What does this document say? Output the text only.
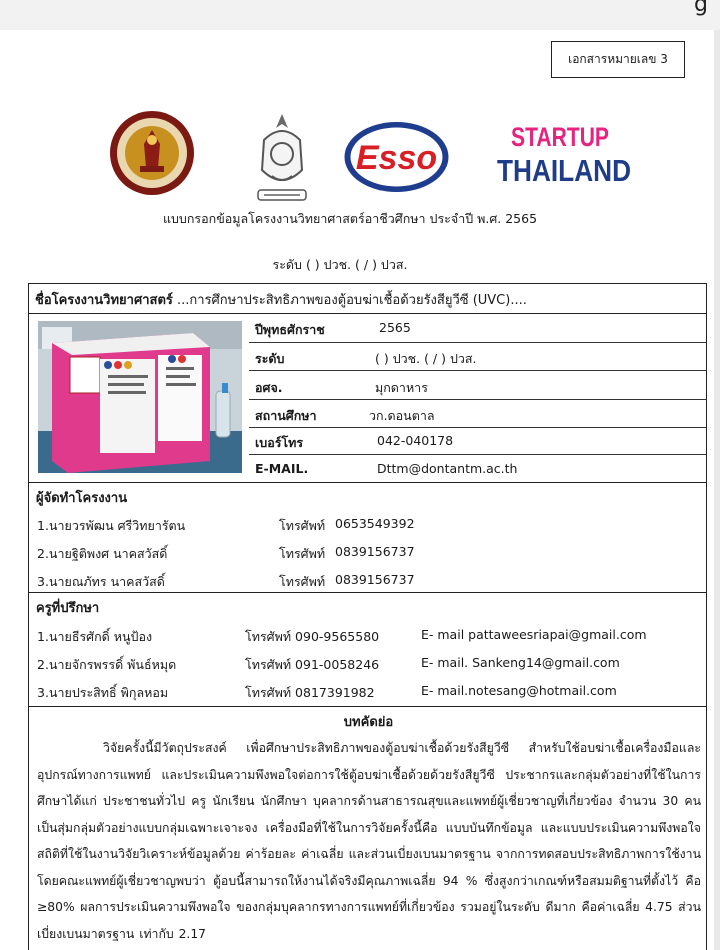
g
เอกสารหมายเลข 3
Esso
STARTUP
THAILAND
แบบกรอกข้อมูลโครงงานวิทยาศาสตร์อาชีวศึกษา ประจำปี พ.ศ. 2565
ระดับ ( ) ปวช. ( / ) ปวส.
ชื่อโครงงานวิทยาศาสตร์ ...การศึกษาประสิทธิภาพของตู้อบฆ่าเชื้อด้วยรังสียูวีซี (UVC)....
ปีพุทธศักราช	2565
ระดับ	( ) ปวช. ( / ) ปวส.
อศจ.	มุกดาหาร
สถานศึกษา	วก.ดอนตาล
เบอร์โทร	042-040178
E-MAIL.	Dttm@dontantm.ac.th
ผู้จัดทำโครงงาน
1.นายวรพัฒน ศรีวิทยารัตน	โทรศัพท์ 0653549392
2.นายฐิติพงศ นาคสวัสดิ์	โทรศัพท์ 0839156737
3.นายณภัทร นาคสวัสดิ์	โทรศัพท์ 0839156737
ครูที่ปรึกษา
1.นายธีรศักดิ์ หนูป้อง	โทรศัพท์ 090-9565580	E- mail pattaweesriapai@gmail.com
2.นายจักรพรรดิ์ พันธ์หมุด	โทรศัพท์ 091-0058246	E- mail. Sankeng14@gmail.com
3.นายประสิทธิ์ พิกุลหอม	โทรศัพท์ 0817391982	E- mail.notesang@hotmail.com
บทคัดย่อ
วิจัยครั้งนี้มีวัตถุประสงค์ เพื่อศึกษาประสิทธิภาพของตู้อบฆ่าเชื้อด้วยรังสียูวีซี สำหรับใช้อบฆ่าเชื้อเครื่องมือและอุปกรณ์ทางการแพทย์ และประเมินความพึงพอใจต่อการใช้ตู้อบฆ่าเชื้อด้วยด้วยรังสียูวีซี ประชากรและกลุ่มตัวอย่างที่ใช้ในการศึกษาได้แก่ ประชาชนทั่วไป ครู นักเรียน นักศึกษา บุคลากรด้านสาธารณสุขและแพทย์ผู้เชี่ยวชาญที่เกี่ยวข้อง จำนวน 30 คน เป็นสุ่มกลุ่มตัวอย่างแบบกลุ่มเฉพาะเจาะจง เครื่องมือที่ใช้ในการวิจัยครั้งนี้คือ แบบบันทึกข้อมูล และแบบประเมินความพึงพอใจ สถิติที่ใช้ในงานวิจัยวิเคราะห์ข้อมูลด้วย ค่าร้อยละ ค่าเฉลี่ย และส่วนเบี่ยงเบนมาตรฐาน จากการทดสอบประสิทธิภาพการใช้งานโดยคณะแพทย์ผู้เชี่ยวชาญพบว่า ตู้อบนี้สามารถให้งานได้จริงมีคุณภาพเฉลี่ย 94 % ซึ่งสูงกว่าเกณฑ์หรือสมมติฐานที่ตั้งไว้ คือ ≥80% ผลการประเมินความพึงพอใจ ของกลุ่มบุคลากรทางการแพทย์ที่เกี่ยวข้อง รวมอยู่ในระดับ ดีมาก คือค่าเฉลี่ย 4.75 ส่วนเบี่ยงเบนมาตรฐาน เท่ากับ 2.17
